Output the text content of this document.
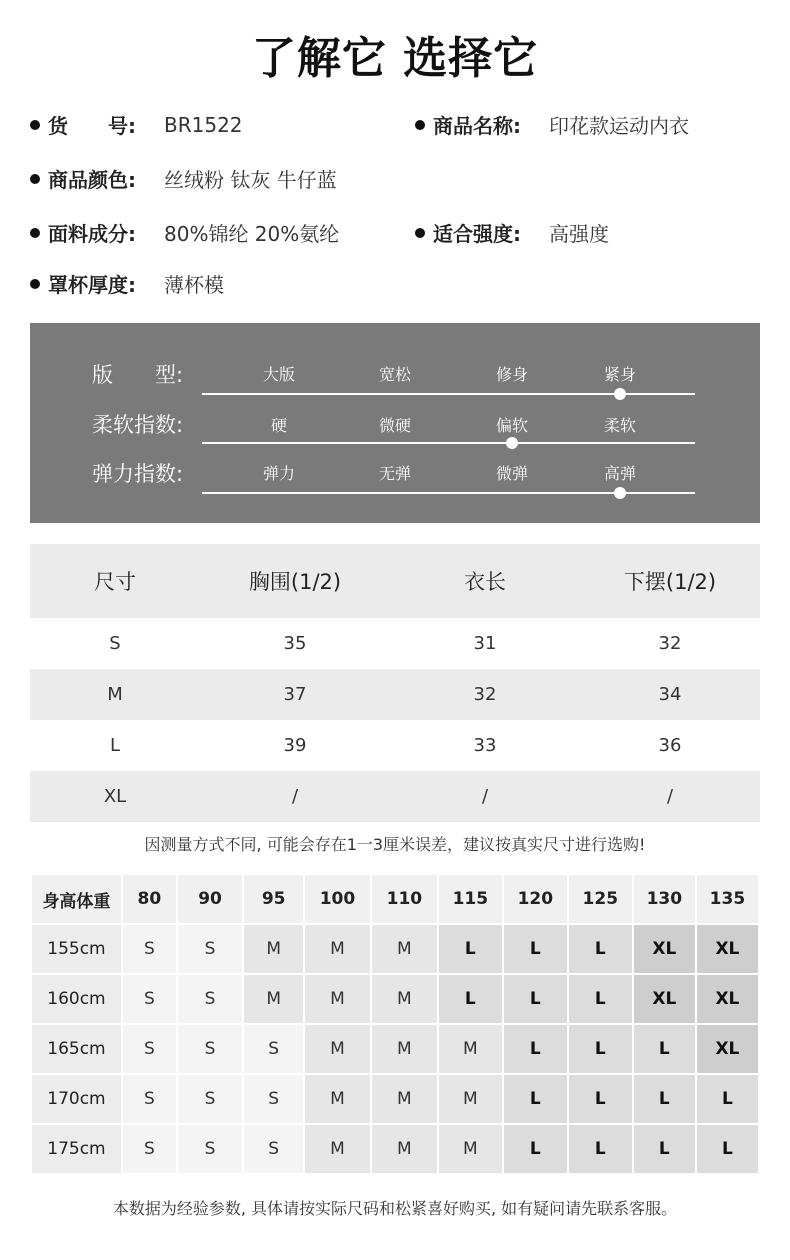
了解它 选择它
货　　号:	BR1522	商品名称:	印花款运动内衣
商品颜色:	丝绒粉 钛灰 牛仔蓝
面料成分:	80%锦纶 20%氨纶	适合强度:	高强度
罩杯厚度:	薄杯模
版　　型:	大版	宽松	修身	紧身
柔软指数:	硬	微硬	偏软	柔软
弹力指数:	弹力	无弹	微弹	高弹
尺寸	胸围(1/2)	衣长	下摆(1/2)
S	35	31	32
M	37	32	34
L	39	33	36
XL	/	/	/
因测量方式不同, 可能会存在1一3厘米误差，建议按真实尺寸进行选购!
身高体重	80	90	95	100	110	115	120	125	130	135
155cm	S	S	M	M	M	L	L	L	XL	XL
160cm	S	S	M	M	M	L	L	L	XL	XL
165cm	S	S	S	M	M	M	L	L	L	XL
170cm	S	S	S	M	M	M	L	L	L	L
175cm	S	S	S	M	M	M	L	L	L	L
本数据为经验参数, 具体请按实际尺码和松紧喜好购买, 如有疑问请先联系客服。
